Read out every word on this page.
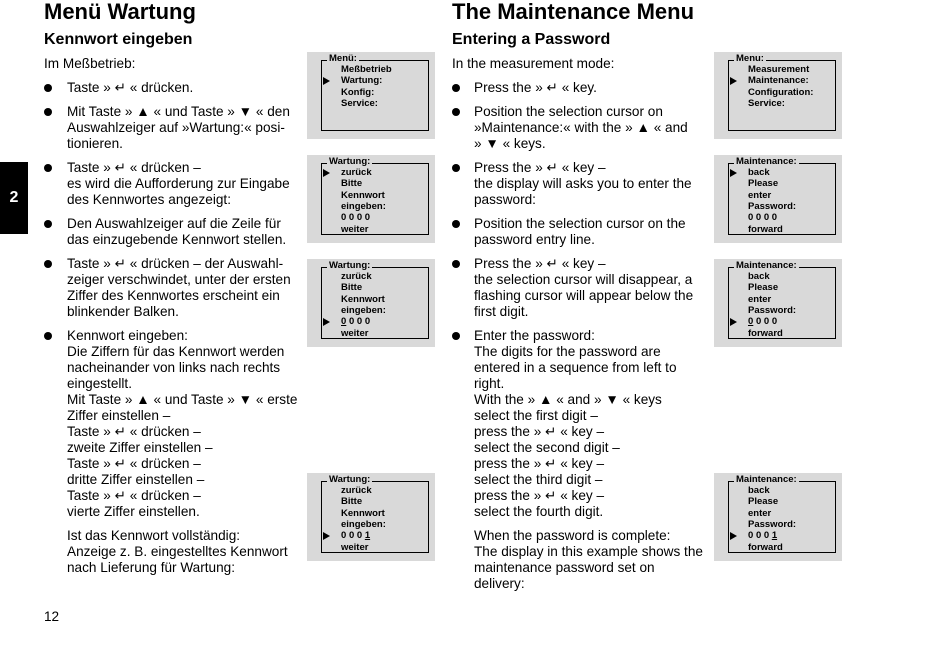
2
Menü Wartung
Kennwort eingeben
Im Meßbetrieb:
Taste » ↵ « drücken.
Mit Taste » ▲ « und Taste » ▼ « den
Auswahlzeiger auf »Wartung:« posi-
tionieren.
Taste » ↵ « drücken –
es wird die Aufforderung zur Eingabe
des Kennwortes angezeigt:
Den Auswahlzeiger auf die Zeile für
das einzugebende Kennwort stellen.
Taste » ↵ « drücken – der Auswahl-
zeiger verschwindet, unter der ersten
Ziffer des Kennwortes erscheint ein
blinkender Balken.
Kennwort eingeben:
Die Ziffern für das Kennwort werden
nacheinander von links nach rechts
eingestellt.
Mit Taste » ▲ « und Taste » ▼ « erste
Ziffer einstellen –
Taste » ↵ « drücken –
zweite Ziffer einstellen –
Taste » ↵ « drücken –
dritte Ziffer einstellen –
Taste » ↵ « drücken –
vierte Ziffer einstellen.
Ist das Kennwort vollständig:
Anzeige z. B. eingestelltes Kennwort
nach Lieferung für Wartung:
The Maintenance Menu
Entering a Password
In the measurement mode:
Press the » ↵ « key.
Position the selection cursor on
»Maintenance:« with the » ▲ « and
» ▼ « keys.
Press the » ↵ « key –
the display will asks you to enter the
password:
Position the selection cursor on the
password entry line.
Press the » ↵ « key –
the selection cursor will disappear, a
flashing cursor will appear below the
first digit.
Enter the password:
The digits for the password are
entered in a sequence from left to
right.
With the » ▲ « and » ▼ « keys
select the first digit –
press the » ↵ « key –
select the second digit –
press the » ↵ « key –
select the third digit –
press the » ↵ « key –
select the fourth digit.
When the password is complete:
The display in this example shows the
maintenance password set on
delivery:
Menü:
Meßbetrieb
Wartung:
Konfig:
Service:
Menu:
Measurement
Maintenance:
Configuration:
Service:
Wartung:
zurück
Bitte
Kennwort
eingeben:
0 0 0 0
weiter
Maintenance:
back
Please
enter
Password:
0 0 0 0
forward
Wartung:
zurück
Bitte
Kennwort
eingeben:
0 0 0 0
weiter
Maintenance:
back
Please
enter
Password:
0 0 0 0
forward
Wartung:
zurück
Bitte
Kennwort
eingeben:
0 0 0 1
weiter
Maintenance:
back
Please
enter
Password:
0 0 0 1
forward
12
